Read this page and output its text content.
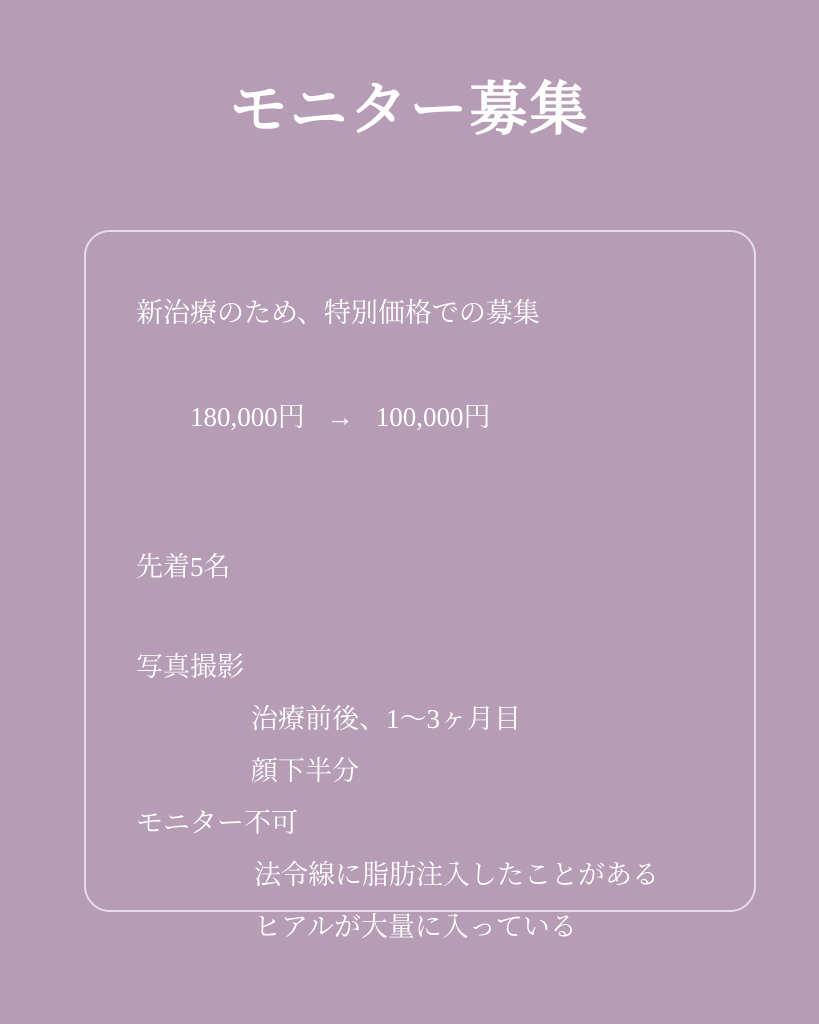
モニター募集
新治療のため、特別価格での募集

180,000円 → 100,000円

先着5名
写真撮影
治療前後、1〜3ヶ月目
顔下半分
モニター不可
法令線に脂肪注入したことがある
ヒアルが大量に入っている
